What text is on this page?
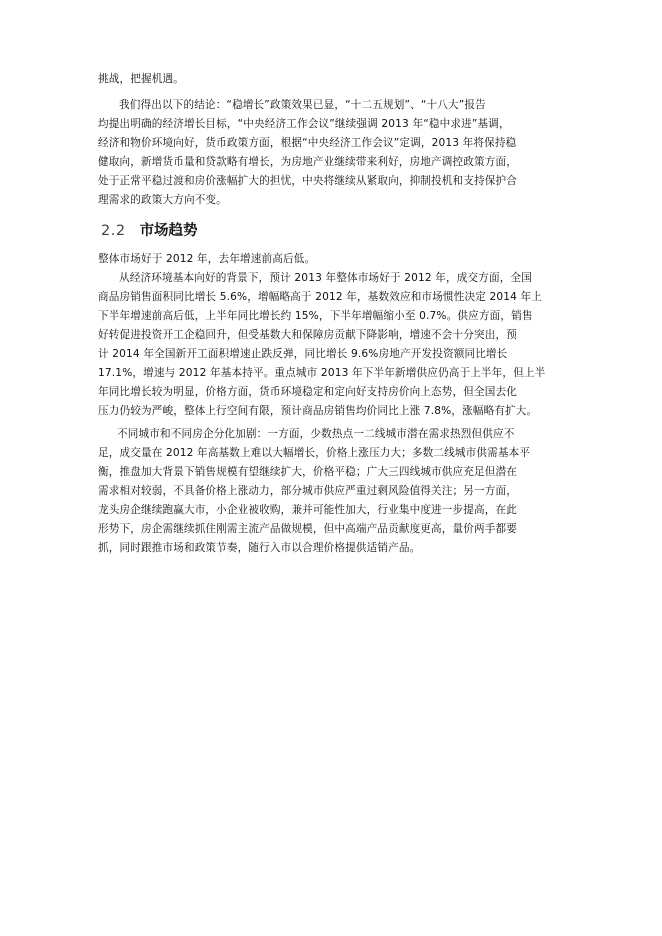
挑战，把握机遇。
我们得出以下的结论：“稳增长”政策效果已显，“十二五规划”、“十八大”报告
均提出明确的经济增长目标，“中央经济工作会议”继续强调 2013 年“稳中求进”基调，
经济和物价环境向好，货币政策方面，根据“中央经济工作会议”定调，2013 年将保持稳
健取向，新增货币量和贷款略有增长，为房地产业继续带来利好，房地产调控政策方面，
处于正常平稳过渡和房价涨幅扩大的担忧，中央将继续从紧取向，抑制投机和支持保护合
理需求的政策大方向不变。
2.2 市场趋势
整体市场好于 2012 年，去年增速前高后低。
从经济环境基本向好的背景下，预计 2013 年整体市场好于 2012 年，成交方面，全国
商品房销售面积同比增长 5.6%，增幅略高于 2012 年，基数效应和市场惯性决定 2014 年上
下半年增速前高后低，上半年同比增长约 15%，下半年增幅缩小至 0.7%。供应方面，销售
好转促进投资开工企稳回升，但受基数大和保障房贡献下降影响，增速不会十分突出，预
计 2014 年全国新开工面积增速止跌反弹，同比增长 9.6%房地产开发投资额同比增长
17.1%，增速与 2012 年基本持平。重点城市 2013 年下半年新增供应仍高于上半年，但上半
年同比增长较为明显，价格方面，货币环境稳定和定向好支持房价向上态势，但全国去化
压力仍较为严峻，整体上行空间有限，预计商品房销售均价同比上涨 7.8%，涨幅略有扩大。
不同城市和不同房企分化加剧：一方面，少数热点一二线城市潜在需求热烈但供应不
足，成交量在 2012 年高基数上难以大幅增长，价格上涨压力大；多数二线城市供需基本平
衡，推盘加大背景下销售规模有望继续扩大，价格平稳；广大三四线城市供应充足但潜在
需求相对较弱，不具备价格上涨动力，部分城市供应严重过剩风险值得关注；另一方面，
龙头房企继续跑赢大市，小企业被收购，兼并可能性加大，行业集中度进一步提高，在此
形势下，房企需继续抓住刚需主流产品做规模，但中高端产品贡献度更高，量价两手都要
抓，同时跟推市场和政策节奏，随行入市以合理价格提供适销产品。
